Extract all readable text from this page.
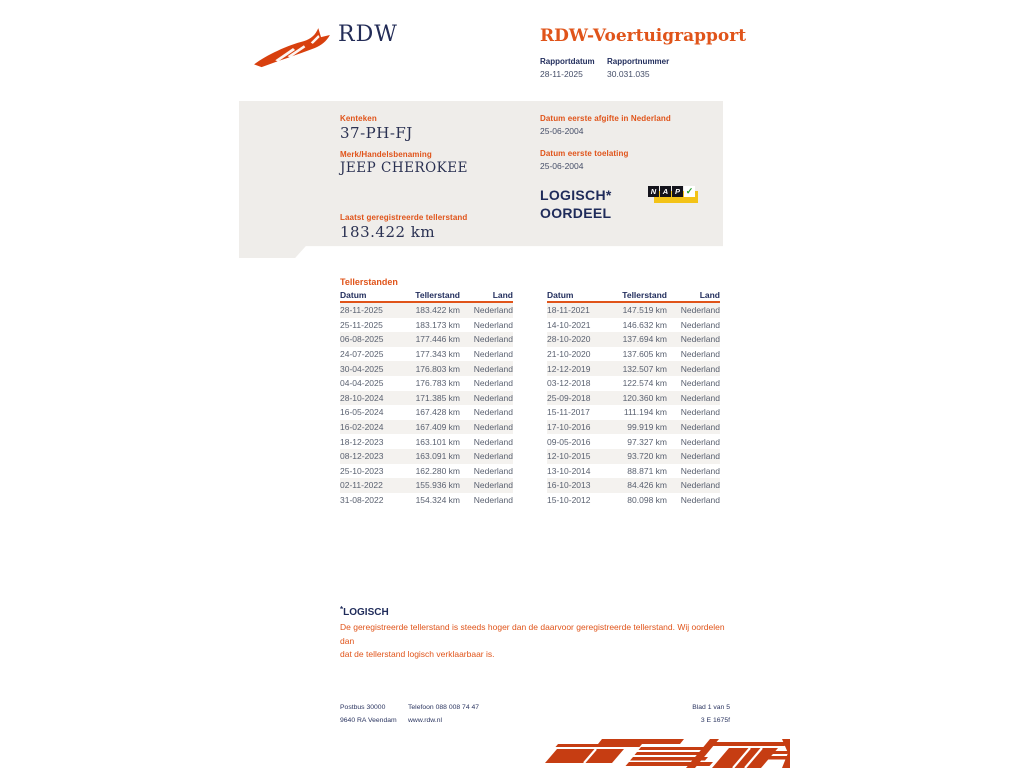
RDW	RDW-Voertuigrapport
Rapportdatum
28-11-2025
Rapportnummer
30.031.035
Kenteken
37-PH-FJ
Merk/Handelsbenaming
JEEP CHEROKEE
Laatst geregistreerde tellerstand
183.422 km
Datum eerste afgifte in Nederland
25-06-2004
Datum eerste toelating
25-06-2004
LOGISCH*
OORDEEL
N A P ✓
Tellerstanden
Datum	Tellerstand	Land
28-11-2025	183.422 km	Nederland
25-11-2025	183.173 km	Nederland
06-08-2025	177.446 km	Nederland
24-07-2025	177.343 km	Nederland
30-04-2025	176.803 km	Nederland
04-04-2025	176.783 km	Nederland
28-10-2024	171.385 km	Nederland
16-05-2024	167.428 km	Nederland
16-02-2024	167.409 km	Nederland
18-12-2023	163.101 km	Nederland
08-12-2023	163.091 km	Nederland
25-10-2023	162.280 km	Nederland
02-11-2022	155.936 km	Nederland
31-08-2022	154.324 km	Nederland
Datum	Tellerstand	Land
18-11-2021	147.519 km	Nederland
14-10-2021	146.632 km	Nederland
28-10-2020	137.694 km	Nederland
21-10-2020	137.605 km	Nederland
12-12-2019	132.507 km	Nederland
03-12-2018	122.574 km	Nederland
25-09-2018	120.360 km	Nederland
15-11-2017	111.194 km	Nederland
17-10-2016	99.919 km	Nederland
09-05-2016	97.327 km	Nederland
12-10-2015	93.720 km	Nederland
13-10-2014	88.871 km	Nederland
16-10-2013	84.426 km	Nederland
15-10-2012	80.098 km	Nederland
*LOGISCH
De geregistreerde tellerstand is steeds hoger dan de daarvoor geregistreerde tellerstand. Wij oordelen dan
dat de tellerstand logisch verklaarbaar is.
Postbus 30000
9640 RA Veendam
Telefoon 088 008 74 47
www.rdw.nl
Blad 1 van 5
3 E 1675f
